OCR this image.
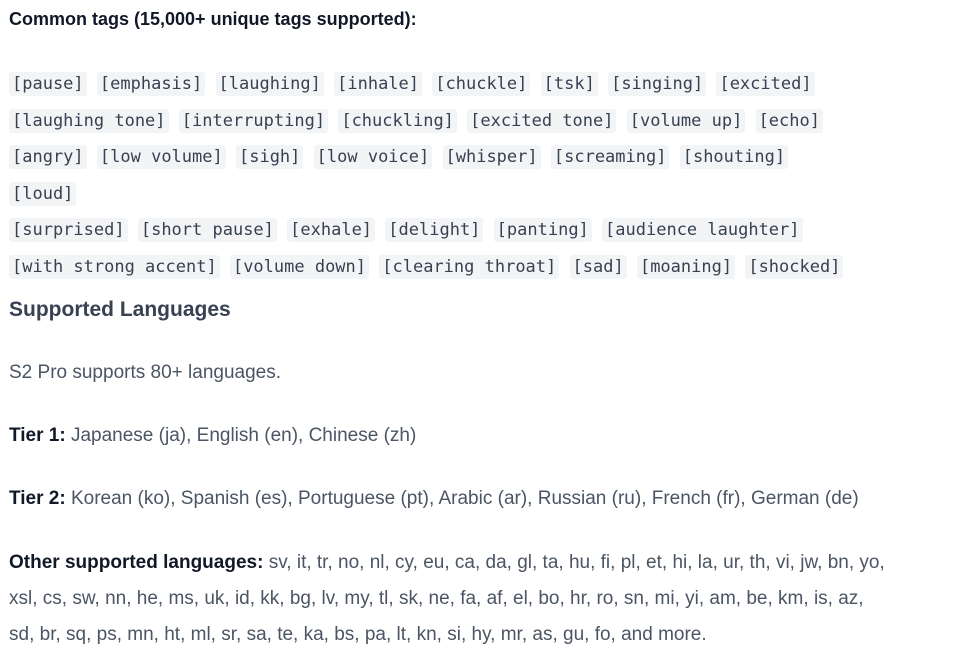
Common tags (15,000+ unique tags supported):
[pause] [emphasis] [laughing] [inhale] [chuckle] [tsk] [singing] [excited]
[laughing tone] [interrupting] [chuckling] [excited tone] [volume up] [echo]
[angry] [low volume] [sigh] [low voice] [whisper] [screaming] [shouting] [loud]
[surprised] [short pause] [exhale] [delight] [panting] [audience laughter] [with strong accent] [volume down] [clearing throat] [sad] [moaning] [shocked]
Supported Languages
S2 Pro supports 80+ languages.
Tier 1: Japanese (ja), English (en), Chinese (zh)
Tier 2: Korean (ko), Spanish (es), Portuguese (pt), Arabic (ar), Russian (ru), French (fr), German (de)
Other supported languages: sv, it, tr, no, nl, cy, eu, ca, da, gl, ta, hu, fi, pl, et, hi, la, ur, th, vi, jw, bn, yo, xsl, cs, sw, nn, he, ms, uk, id, kk, bg, lv, my, tl, sk, ne, fa, af, el, bo, hr, ro, sn, mi, yi, am, be, km, is, az, sd, br, sq, ps, mn, ht, ml, sr, sa, te, ka, bs, pa, lt, kn, si, hy, mr, as, gu, fo, and more.
